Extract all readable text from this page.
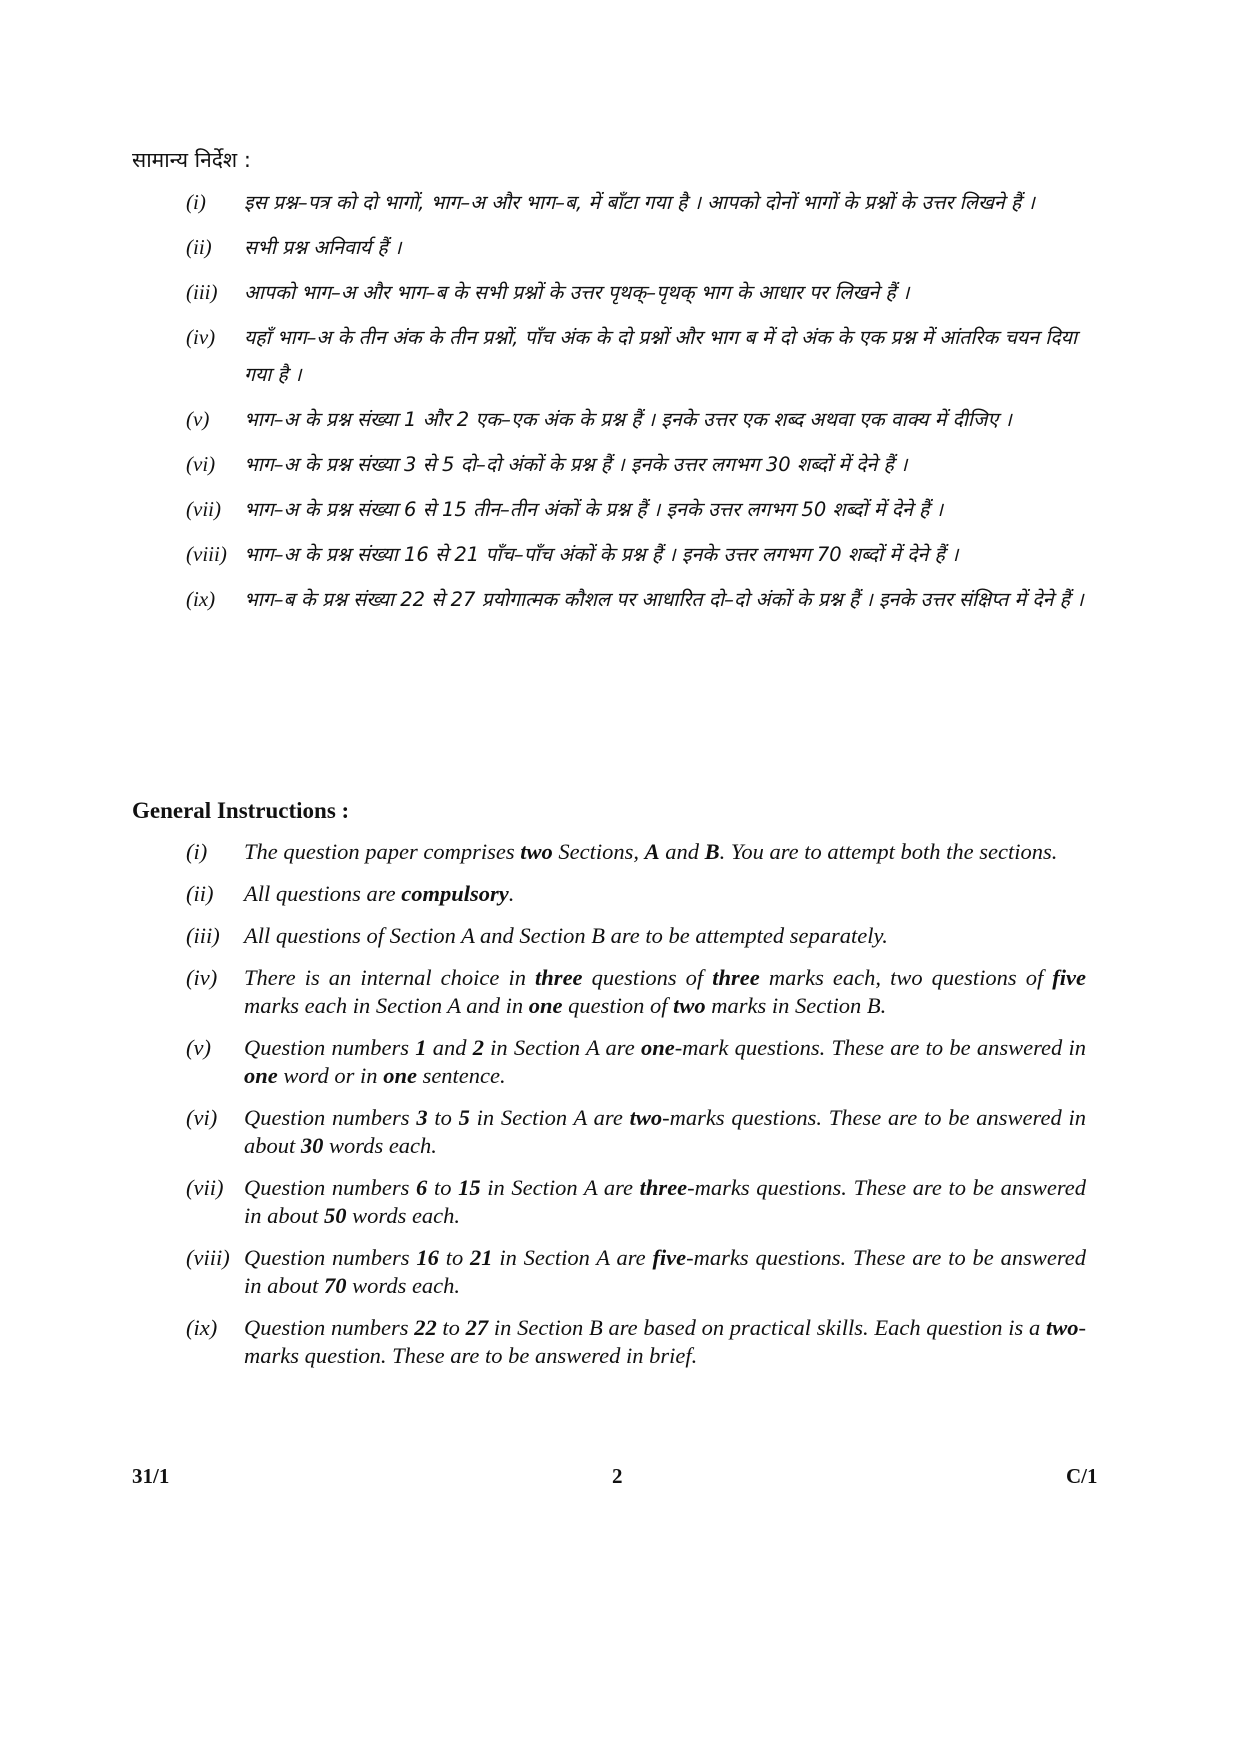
सामान्य निर्देश :
(i)	इस प्रश्न–पत्र को दो भागों, भाग–अ और भाग–ब, में बाँटा गया है । आपको दोनों भागों के प्रश्नों के उत्तर लिखने हैं ।
(ii)	सभी प्रश्न अनिवार्य हैं ।
(iii)	आपको भाग–अ और भाग–ब के सभी प्रश्नों के उत्तर पृथक्–पृथक् भाग के आधार पर लिखने हैं ।
(iv)	यहाँ भाग–अ के तीन अंक के तीन प्रश्नों, पाँच अंक के दो प्रश्नों और भाग ब में दो अंक के एक प्रश्न में आंतरिक चयन दिया गया है ।
(v)	भाग–अ के प्रश्न संख्या 1 और 2 एक–एक अंक के प्रश्न हैं । इनके उत्तर एक शब्द अथवा एक वाक्य में दीजिए ।
(vi)	भाग–अ के प्रश्न संख्या 3 से 5 दो–दो अंकों के प्रश्न हैं । इनके उत्तर लगभग 30 शब्दों में देने हैं ।
(vii)	भाग–अ के प्रश्न संख्या 6 से 15 तीन–तीन अंकों के प्रश्न हैं । इनके उत्तर लगभग 50 शब्दों में देने हैं ।
(viii) भाग–अ के प्रश्न संख्या 16 से 21 पाँच–पाँच अंकों के प्रश्न हैं । इनके उत्तर लगभग 70 शब्दों में देने हैं ।
(ix)	भाग–ब के प्रश्न संख्या 22 से 27 प्रयोगात्मक कौशल पर आधारित दो–दो अंकों के प्रश्न हैं । इनके उत्तर संक्षिप्त में देने हैं ।
General Instructions :
(i)	The question paper comprises two Sections, A and B. You are to attempt both the sections.
(ii)	All questions are compulsory.
(iii)	All questions of Section A and Section B are to be attempted separately.
(iv)	There is an internal choice in three questions of three marks each, two questions of five marks each in Section A and in one question of two marks in Section B.
(v)	Question numbers 1 and 2 in Section A are one-mark questions. These are to be answered in one word or in one sentence.
(vi)	Question numbers 3 to 5 in Section A are two-marks questions. These are to be answered in about 30 words each.
(vii) Question numbers 6 to 15 in Section A are three-marks questions. These are to be answered in about 50 words each.
(viii) Question numbers 16 to 21 in Section A are five-marks questions. These are to be answered in about 70 words each.
(ix)	Question numbers 22 to 27 in Section B are based on practical skills. Each question is a two-marks question. These are to be answered in brief.
31/1	2	C/1
